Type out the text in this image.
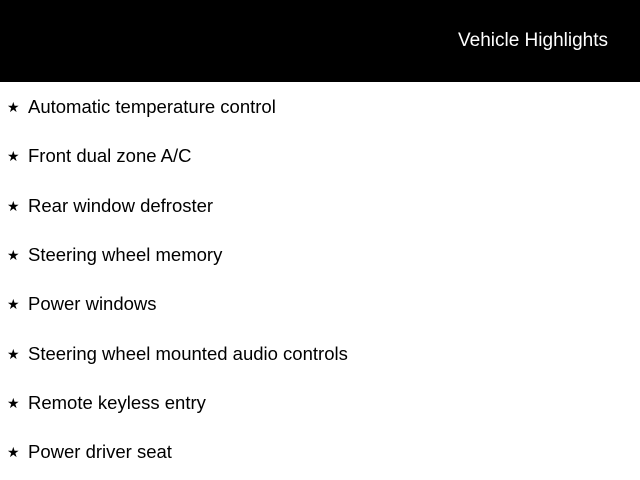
Vehicle Highlights
★ Automatic temperature control
★ Front dual zone A/C
★ Rear window defroster
★ Steering wheel memory
★ Power windows
★ Steering wheel mounted audio controls
★ Remote keyless entry
★ Power driver seat
